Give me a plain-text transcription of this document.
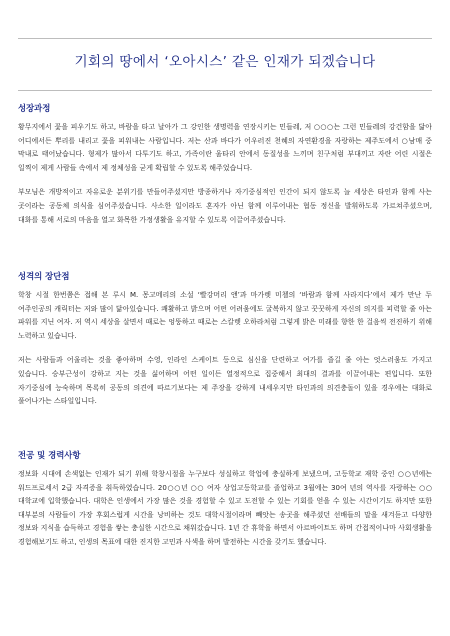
기회의 땅에서 ‘오아시스’ 같은 인재가 되겠습니다
성장과정

황무지에서 꽃을 피우기도 하고, 바람을 타고 날아가 그 강인한 생명력을 연장시키는 민들레, 저 ○○○는 그런 민들레의 강건함을 닮아 어디에서든 뿌리를 내리고 꽃을 피워내는 사람입니다. 저는 산과 바다가 어우러진 천혜의 자연환경을 자랑하는 제주도에서 ○남매 중 막내로 태어났습니다. 형제가 많아서 다투기도 하고, 가족이란 울타리 안에서 동질성을 느끼며 친구처럼 부대끼고 자란 어린 시절은 일찍이 제게 사람들 속에서 제 정체성을 굳게 확립할 수 있도록 해주었습니다.

부모님은 개방적이고 자유로운 분위기를 만들어주셨지만 방종하거나 자기중심적인 인간이 되지 않도록 늘 세상은 타인과 함께 사는 곳이라는 공동체 의식을 심어주셨습니다. 사소한 일이라도 혼자가 아닌 함께 이루어내는 협동 정신을 발휘하도록 가르쳐주셨으며, 대화를 통해 서로의 마음을 열고 화목한 가정생활을 유지할 수 있도록 이끌어주셨습니다.

성격의 장단점

학창 시절 한번쯤은 접해 본 루시 M. 몽고메리의 소설 ‘빨강머리 앤’과 마가렛 미첼의 ‘바람과 함께 사라지다’에서 제가 만난 두 여주인공의 캐릭터는 저와 많이 닮아있습니다. 쾌활하고 밝으며 어떤 어려움에도 굴복하지 않고 꿋꿋하게 자신의 의지를 피력할 줄 아는 파워를 지닌 여자. 저 역시 세상을 살면서 때로는 엉뚱하고 때로는 스칼렛 오하라처럼 그렇게 밝은 미래를 향한 한 걸음씩 전진하기 위해 노력하고 있습니다.

저는 사람들과 어울리는 것을 좋아하며 수영, 인라인 스케이트 등으로 심신을 단련하고 여가를 즐길 줄 아는 엇스러움도 가지고 있습니다. 승부근성이 강하고 지는 것을 싫어하며 어떤 일이든 열정적으로 집중해서 최대의 결과를 이끌어내는 편입니다. 또한 자기중심에 능숙하며 목록히 공동의 의견에 따르기보다는 제 주장을 강하게 내세우지만 타인과의 의견충돌이 있을 경우에는 대화로 풀어나가는 스타일입니다.

전공 및 경력사항

정보화 시대에 손색없는 인재가 되기 위해 학창시절을 누구보다 성실하고 학업에 충실하게 보냈으며, 고등학교 재학 중인 ○○년에는 워드프로세서 2급 자격증을 취득하였습니다. 20○○년 ○○ 여자 상업고등학교를 졸업하고 3월에는 30여 년의 역사를 자랑하는 ○○대학교에 입학했습니다. 대학은 인생에서 가장 많은 것을 경험할 수 있고 도전할 수 있는 기회를 얻을 수 있는 시간이기도 하지만 또한 대부분의 사람들이 가장 후회스럽게 시간을 낭비하는 것도 대학시절이라며 빼앗는 송곳을 해주셨던 선배들의 말을 새겨듣고 다양한 정보와 지식을 습득하고 경험을 쌓는 충실한 시간으로 채워갔습니다. 1년 간 휴학을 하면서 아르바이트도 하며 간접적이나마 사회생활을 경험해보기도 하고, 인생의 목표에 대한 진지한 고민과 사색을 하며 발전하는 시간을 갖기도 했습니다.
